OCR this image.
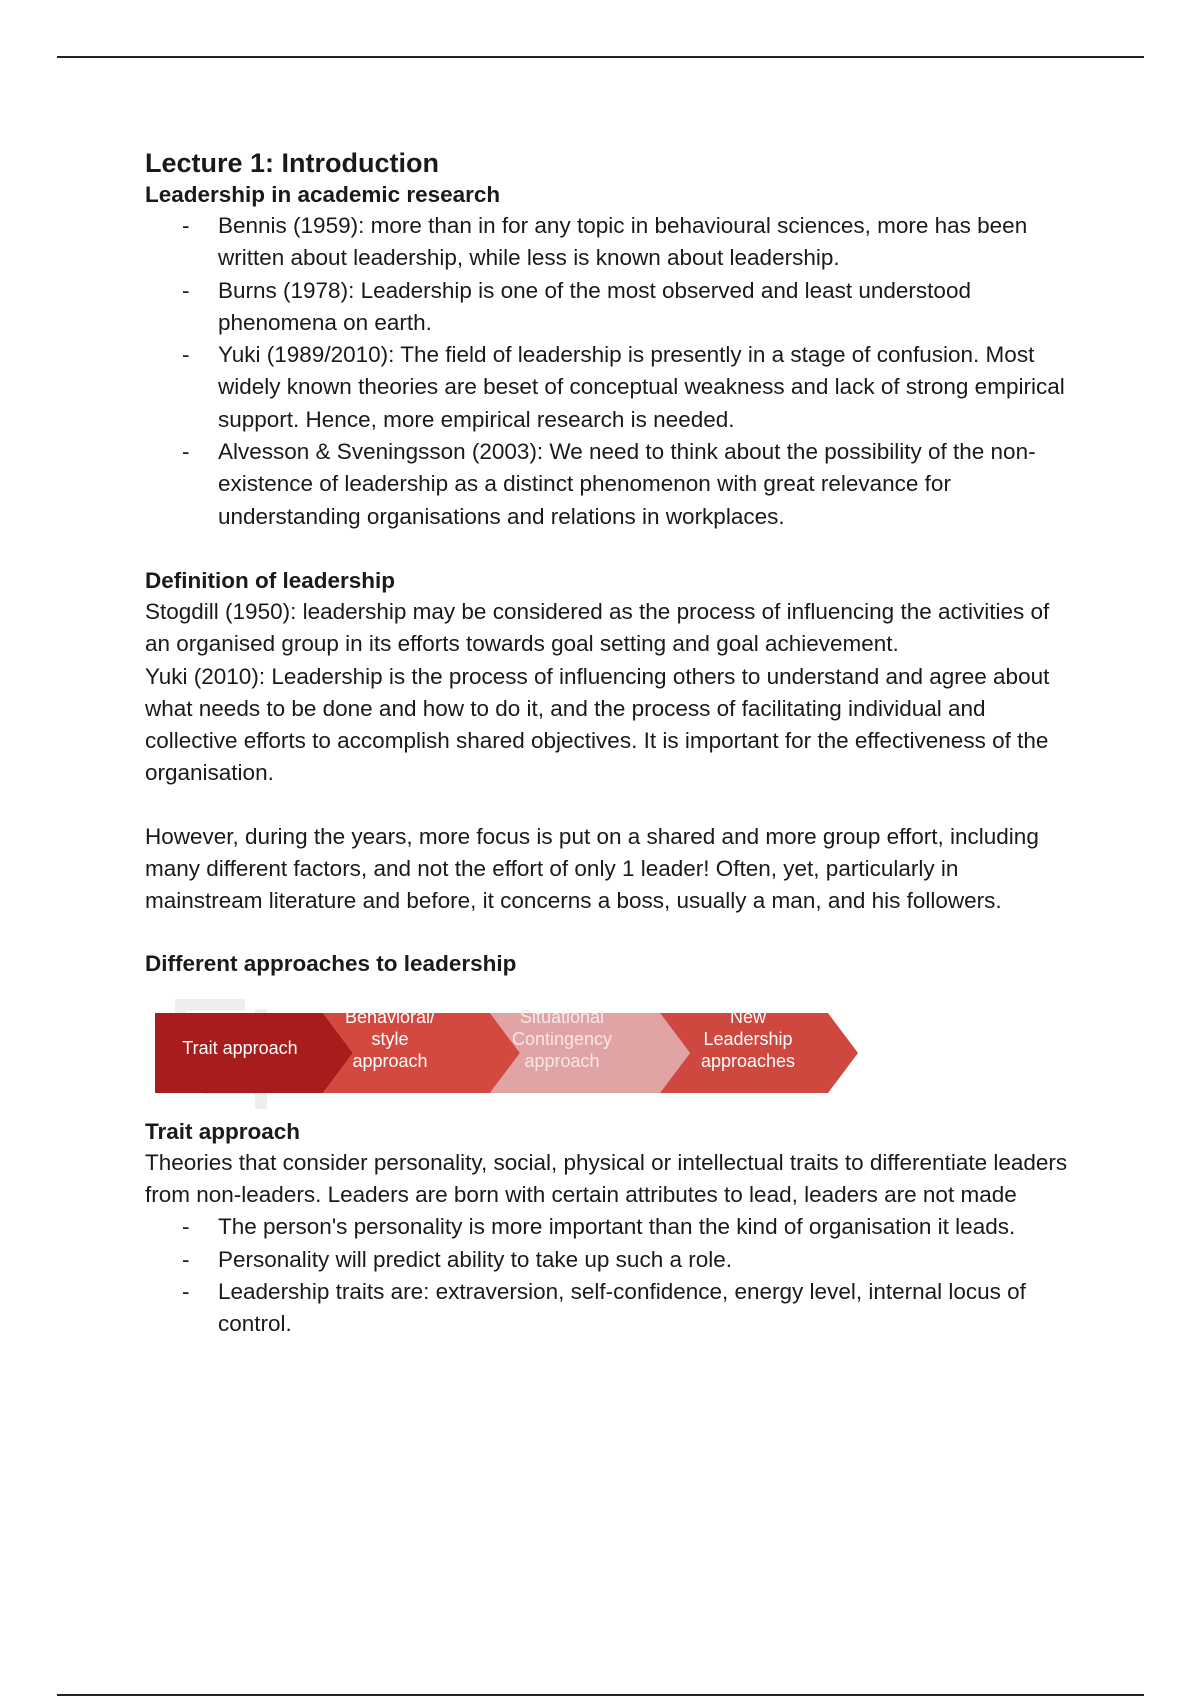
Lecture 1: Introduction
Leadership in academic research
- Bennis (1959): more than in for any topic in behavioural sciences, more has been written about leadership, while less is known about leadership.
- Burns (1978): Leadership is one of the most observed and least understood phenomena on earth.
- Yuki (1989/2010): The field of leadership is presently in a stage of confusion. Most widely known theories are beset of conceptual weakness and lack of strong empirical support. Hence, more empirical research is needed.
- Alvesson & Sveningsson (2003): We need to think about the possibility of the non-existence of leadership as a distinct phenomenon with great relevance for understanding organisations and relations in workplaces.
Definition of leadership

Stogdill (1950): leadership may be considered as the process of influencing the activities of an organised group in its efforts towards goal setting and goal achievement.

Yuki (2010): Leadership is the process of influencing others to understand and agree about what needs to be done and how to do it, and the process of facilitating individual and collective efforts to accomplish shared objectives. It is important for the effectiveness of the organisation.

However, during the years, more focus is put on a shared and more group effort, including many different factors, and not the effort of only 1 leader! Often, yet, particularly in mainstream literature and before, it concerns a boss, usually a man, and his followers.

Different approaches to leadership
Trait approach
Behavioral/
style
approach
Situational
Contingency
approach
New
Leadership
approaches
Trait approach

Theories that consider personality, social, physical or intellectual traits to differentiate leaders from non-leaders. Leaders are born with certain attributes to lead, leaders are not made

- The person's personality is more important than the kind of organisation it leads.
- Personality will predict ability to take up such a role.
- Leadership traits are: extraversion, self-confidence, energy level, internal locus of control.
